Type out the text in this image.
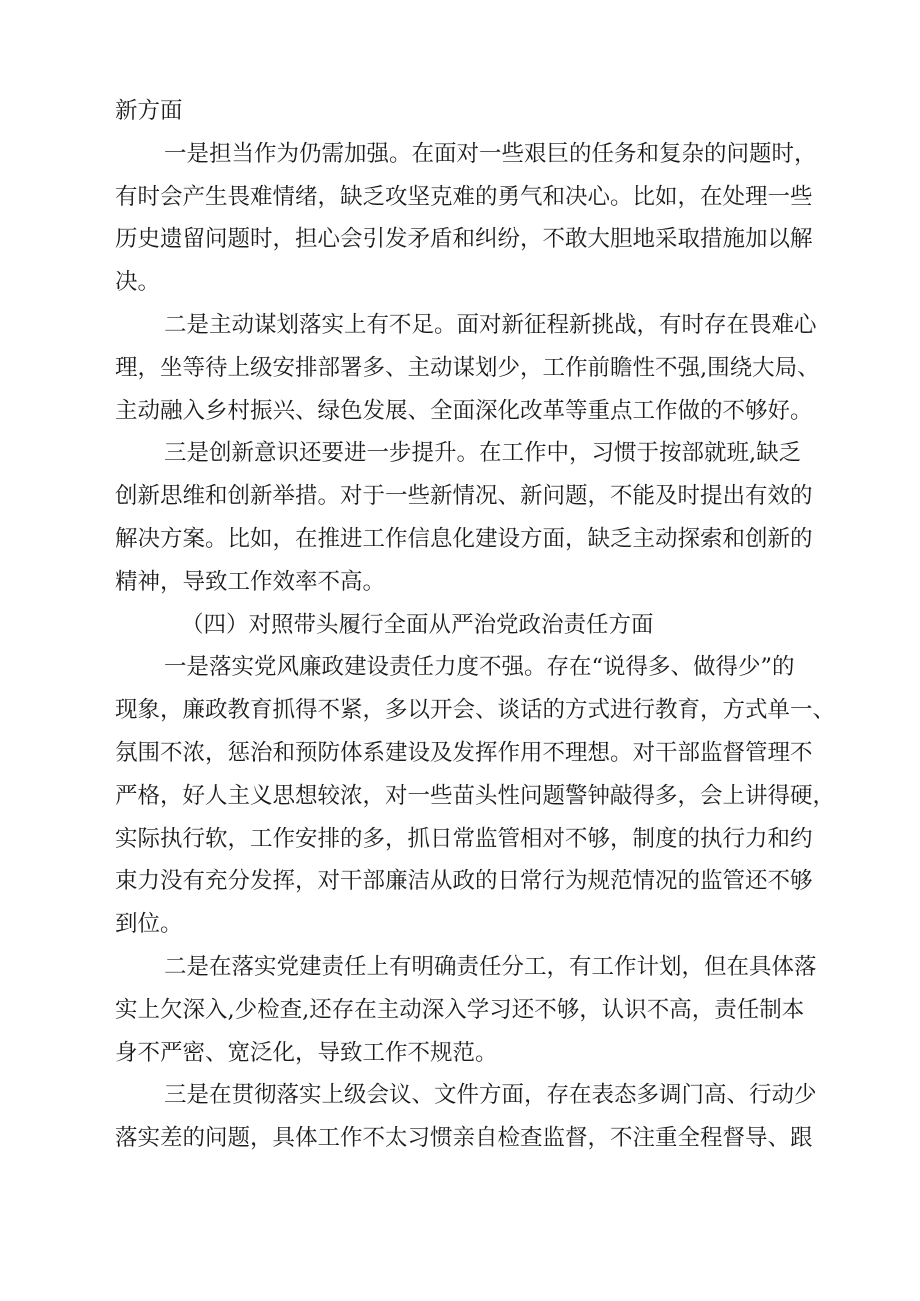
新方面
一是担当作为仍需加强。在面对一些艰巨的任务和复杂的问题时，
有时会产生畏难情绪，缺乏攻坚克难的勇气和决心。比如，在处理一些
历史遗留问题时，担心会引发矛盾和纠纷，不敢大胆地采取措施加以解
决。
二是主动谋划落实上有不足。面对新征程新挑战，有时存在畏难心
理，坐等待上级安排部署多、主动谋划少，工作前瞻性不强,围绕大局、
主动融入乡村振兴、绿色发展、全面深化改革等重点工作做的不够好。
三是创新意识还要进一步提升。在工作中，习惯于按部就班,缺乏
创新思维和创新举措。对于一些新情况、新问题，不能及时提出有效的
解决方案。比如，在推进工作信息化建设方面，缺乏主动探索和创新的
精神，导致工作效率不高。
（四）对照带头履行全面从严治党政治责任方面
一是落实党风廉政建设责任力度不强。存在“说得多、做得少”的
现象，廉政教育抓得不紧，多以开会、谈话的方式进行教育，方式单一、
氛围不浓，惩治和预防体系建设及发挥作用不理想。对干部监督管理不
严格，好人主义思想较浓，对一些苗头性问题警钟敲得多，会上讲得硬，
实际执行软，工作安排的多，抓日常监管相对不够，制度的执行力和约
束力没有充分发挥，对干部廉洁从政的日常行为规范情况的监管还不够
到位。
二是在落实党建责任上有明确责任分工，有工作计划，但在具体落
实上欠深入,少检查,还存在主动深入学习还不够，认识不高，责任制本
身不严密、宽泛化，导致工作不规范。
三是在贯彻落实上级会议、文件方面，存在表态多调门高、行动少
落实差的问题，具体工作不太习惯亲自检查监督，不注重全程督导、跟
